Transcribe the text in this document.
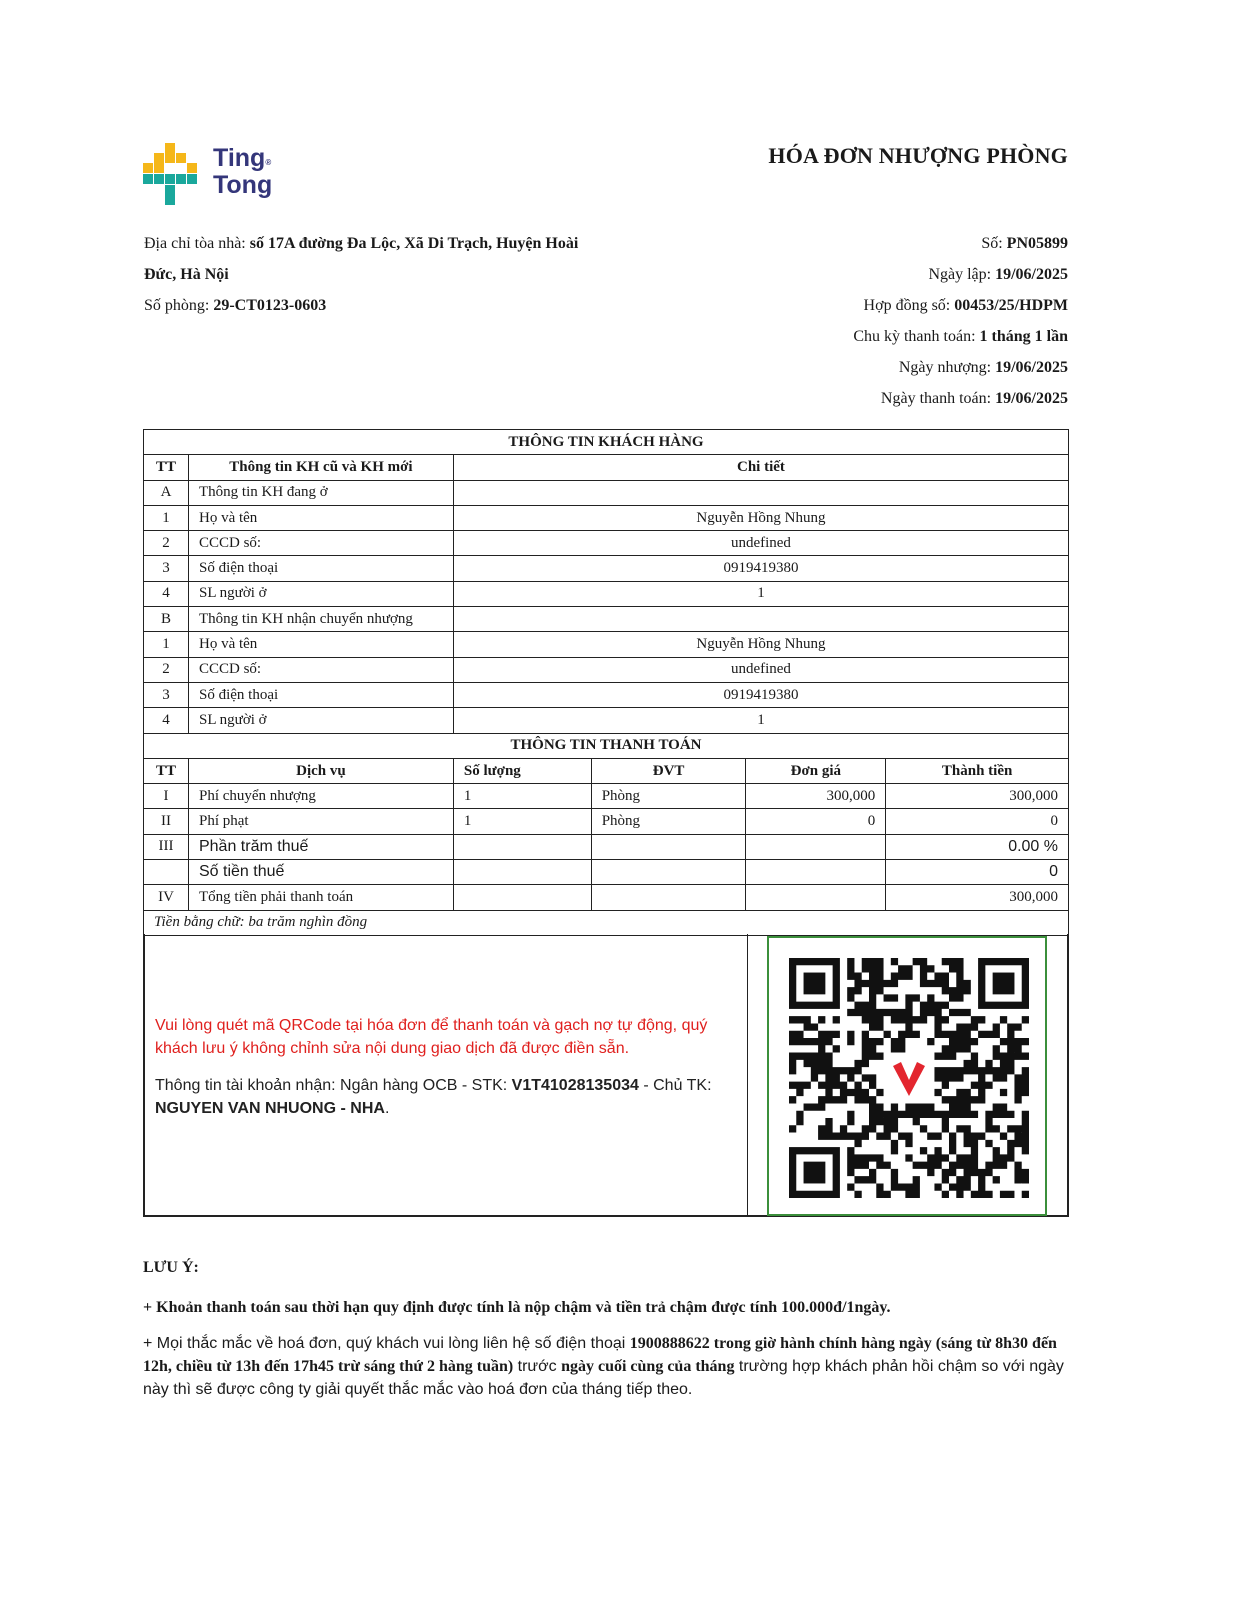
Ting®
Tong
HÓA ĐƠN NHƯỢNG PHÒNG
Địa chỉ tòa nhà: số 17A đường Đa Lộc, Xã Di Trạch, Huyện Hoài
Đức, Hà Nội
Số phòng: 29-CT0123-0603
Số: PN05899
Ngày lập: 19/06/2025
Hợp đồng số: 00453/25/HDPM
Chu kỳ thanh toán: 1 tháng 1 lần
Ngày nhượng: 19/06/2025
Ngày thanh toán: 19/06/2025
THÔNG TIN KHÁCH HÀNG					
TT	Thông tin KH cũ và KH mới	Chi tiết			
A	Thông tin KH đang ở				
1	Họ và tên	Nguyễn Hồng Nhung			
2	CCCD số:	undefined			
3	Số điện thoại	0919419380			
4	SL người ở	1			
B	Thông tin KH nhận chuyển nhượng				
1	Họ và tên	Nguyễn Hồng Nhung			
2	CCCD số:	undefined			
3	Số điện thoại	0919419380			
4	SL người ở	1			
THÔNG TIN THANH TOÁN					
TT	Dịch vụ	Số lượng	ĐVT	Đơn giá	Thành tiền
I	Phí chuyển nhượng	1	Phòng	300,000	300,000
II	Phí phạt	1	Phòng	0	0
III	Phần trăm thuế				0.00 %
	Số tiền thuế				0
IV	Tổng tiền phải thanh toán				300,000
Tiền bằng chữ: ba trăm nghìn đồng					
Vui lòng quét mã QRCode tại hóa đơn để thanh toán và gạch nợ tự động, quý khách lưu ý không chỉnh sửa nội dung giao dịch đã được điền sẵn.
Thông tin tài khoản nhận: Ngân hàng OCB - STK: V1T41028135034 - Chủ TK:
NGUYEN VAN NHUONG - NHA.
LƯU Ý:
+ Khoản thanh toán sau thời hạn quy định được tính là nộp chậm và tiền trả chậm được tính 100.000đ/1ngày.
+ Mọi thắc mắc về hoá đơn, quý khách vui lòng liên hệ số điện thoại 1900888622 trong giờ hành chính hàng ngày (sáng từ 8h30 đến 12h, chiều từ 13h đến 17h45 trừ sáng thứ 2 hàng tuần) trước ngày cuối cùng của tháng trường hợp khách phản hồi chậm so với ngày này thì sẽ được công ty giải quyết thắc mắc vào hoá đơn của tháng tiếp theo.
